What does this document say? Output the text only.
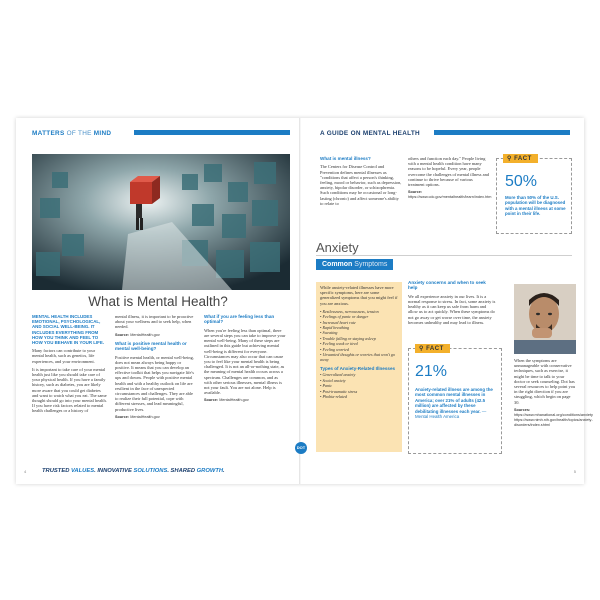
MATTERS OF THE MIND
What is Mental Health?

MENTAL HEALTH INCLUDES EMOTIONAL, PSYCHOLOGICAL, AND SOCIAL WELL-BEING. IT INCLUDES EVERYTHING FROM HOW YOU THINK AND FEEL TO HOW YOU BEHAVE IN YOUR LIFE.

Many factors can contribute to your mental health, such as genetics, life experiences, and your environment.

It is important to take care of your mental health just like you should take care of your physical health. If you have a family history, such as diabetes, you are likely more aware that you could get diabetes and want to watch what you eat. The same thought should go into your mental health. If you have risk factors related to mental health challenges or a history of

mental illness, it is important to be proactive about your wellness and to seek help, when needed.

Source: MentalHealth.gov

What is positive mental health or mental well-being?

Positive mental health, or mental well-being, does not mean always being happy or positive. It means that you can develop an effective toolkit that helps you navigate life's ups and downs. People with positive mental health and with a healthy outlook on life are resilient in the face of unexpected circumstances and challenges. They are able to realize their full potential, cope with different stresses, and lead meaningful, productive lives.

Source: MentalHealth.gov

What if you are feeling less than optimal?

When you're feeling less than optimal, there are several steps you can take to improve your mental well-being. Many of these steps are outlined in this guide but achieving mental well-being is different for everyone. Circumstances may also occur that can cause you to feel like your mental health is being challenged. It is not an all-or-nothing state, as the meaning of mental health occurs across a spectrum. Challenges are common, and as with other serious illnesses, mental illness is not your fault. You are not alone. Help is available.

Source: MentalHealth.gov

TRUSTED VALUES. INNOVATIVE SOLUTIONS. SHARED GROWTH.
4
A GUIDE ON MENTAL HEALTH

What is mental illness?

The Centers for Disease Control and Prevention defines mental illnesses as "conditions that affect a person's thinking, feeling, mood or behavior, such as depression, anxiety, bipolar disorder, or schizophrenia. Such conditions may be occasional or long-lasting (chronic) and affect someone's ability to relate to

others and function each day." People living with a mental health condition have many reasons to be hopeful. Every year, people overcome the challenges of mental illness and continue to thrive because of various treatment options.

Source: https://www.cdc.gov/mentalhealth/learn/index.htm

⚲ FACT
50%
More than 50% of the U.S. population will be diagnosed with a mental illness at some point in their life.
Anxiety
Common Symptoms

While anxiety-related illnesses have more specific symptoms, here are some generalized symptoms that you might feel if you are anxious.

• Restlessness, nervousness, tension
• Feelings of panic or danger
• Increased heart rate
• Rapid breathing
• Sweating
• Trouble falling or staying asleep
• Feeling weak or tired
• Feeling worried
• Unwanted thoughts or worries that won't go away

Types of Anxiety-Related Illnesses

• Generalized anxiety
• Social anxiety
• Panic
• Post-traumatic stress
• Phobia-related

Anxiety concerns and when to seek help

We all experience anxiety in our lives. It is a normal response to stress. In fact, some anxiety is healthy as it can keep us safe from harm and allow us to act quickly. When these symptoms do not go away or get worse over time, the anxiety becomes unhealthy and may lead to illness.

⚲ FACT
21%
Anxiety-related illness are among the most common mental illnesses in America; over 21% of adults (42.5 million) are affected by these debilitating illnesses each year. — Mental Health America

When the symptoms are unmanageable with conservative techniques, such as exercise, it might be time to talk to your doctor or seek counseling. Dot has several resources to help point you in the right direction if you are struggling, which begin on page 30.

Sources: https://www.mhanational.org/conditions/anxiety https://www.nimh.nih.gov/health/topics/anxiety-disorders/index.shtml

5
DOT
